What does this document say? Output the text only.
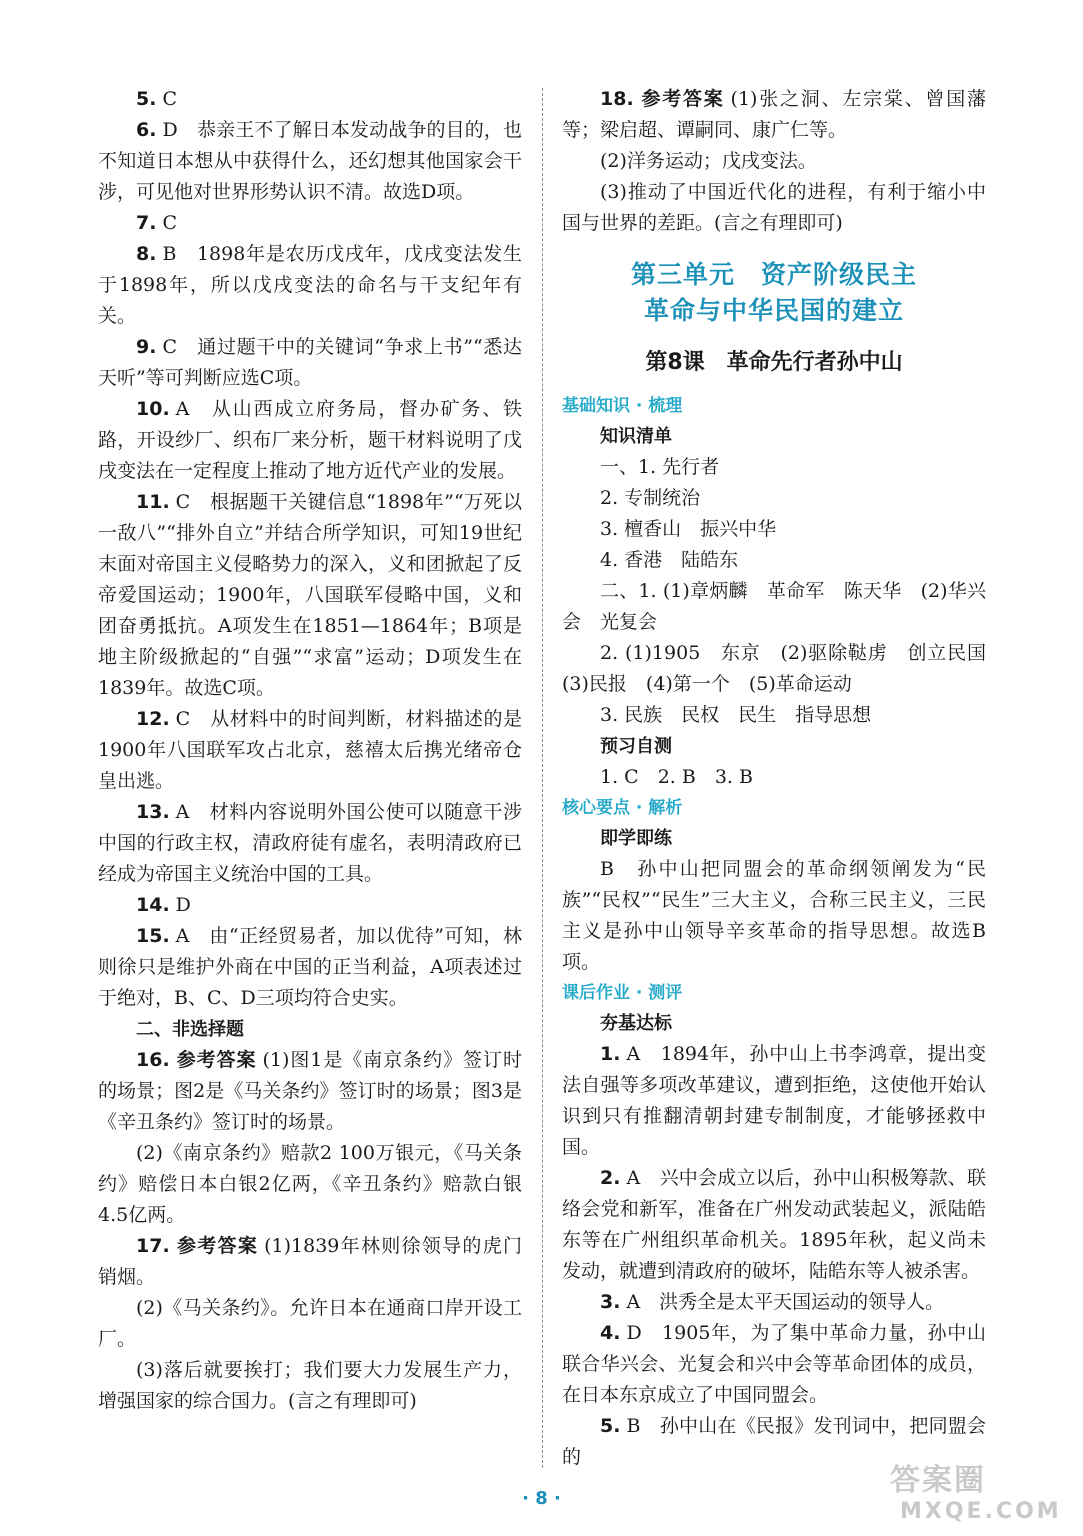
5. C
6. D　恭亲王不了解日本发动战争的目的，也不知道日本想从中获得什么，还幻想其他国家会干涉，可见他对世界形势认识不清。故选D项。
7. C
8. B　1898年是农历戊戌年，戊戌变法发生于1898年，所以戊戌变法的命名与干支纪年有关。
9. C　通过题干中的关键词“争求上书”“悉达天听”等可判断应选C项。
10. A　从山西成立府务局，督办矿务、铁路，开设纱厂、织布厂来分析，题干材料说明了戊戌变法在一定程度上推动了地方近代产业的发展。
11. C　根据题干关键信息“1898年”“万死以一敌八”“排外自立”并结合所学知识，可知19世纪末面对帝国主义侵略势力的深入，义和团掀起了反帝爱国运动；1900年，八国联军侵略中国，义和团奋勇抵抗。A项发生在1851—1864年；B项是地主阶级掀起的“自强”“求富”运动；D项发生在1839年。故选C项。
12. C　从材料中的时间判断，材料描述的是1900年八国联军攻占北京，慈禧太后携光绪帝仓皇出逃。
13. A　材料内容说明外国公使可以随意干涉中国的行政主权，清政府徒有虚名，表明清政府已经成为帝国主义统治中国的工具。
14. D
15. A　由“正经贸易者，加以优待”可知，林则徐只是维护外商在中国的正当利益，A项表述过于绝对，B、C、D三项均符合史实。
二、非选择题
16. 参考答案 (1)图1是《南京条约》签订时的场景；图2是《马关条约》签订时的场景；图3是《辛丑条约》签订时的场景。
(2)《南京条约》赔款2 100万银元，《马关条约》赔偿日本白银2亿两，《辛丑条约》赔款白银4.5亿两。
17. 参考答案 (1)1839年林则徐领导的虎门销烟。
(2)《马关条约》。允许日本在通商口岸开设工厂。
(3)落后就要挨打；我们要大力发展生产力，增强国家的综合国力。(言之有理即可)
18. 参考答案 (1)张之洞、左宗棠、曾国藩等；梁启超、谭嗣同、康广仁等。
(2)洋务运动；戊戌变法。
(3)推动了中国近代化的进程，有利于缩小中国与世界的差距。(言之有理即可)
第三单元　资产阶级民主
革命与中华民国的建立
第8课　革命先行者孙中山
基础知识 · 梳理
知识清单
一、1. 先行者
2. 专制统治
3. 檀香山　振兴中华
4. 香港　陆皓东
二、1. (1)章炳麟　革命军　陈天华　(2)华兴会　光复会
2. (1)1905　东京　(2)驱除鞑虏　创立民国　(3)民报　(4)第一个　(5)革命运动
3. 民族　民权　民生　指导思想
预习自测
1. C　2. B　3. B
核心要点 · 解析
即学即练
B　孙中山把同盟会的革命纲领阐发为“民族”“民权”“民生”三大主义，合称三民主义，三民主义是孙中山领导辛亥革命的指导思想。故选B项。
课后作业 · 测评
夯基达标
1. A　1894年，孙中山上书李鸿章，提出变法自强等多项改革建议，遭到拒绝，这使他开始认识到只有推翻清朝封建专制制度，才能够拯救中国。
2. A　兴中会成立以后，孙中山积极筹款、联络会党和新军，准备在广州发动武装起义，派陆皓东等在广州组织革命机关。1895年秋，起义尚未发动，就遭到清政府的破坏，陆皓东等人被杀害。
3. A　洪秀全是太平天国运动的领导人。
4. D　1905年，为了集中革命力量，孙中山联合华兴会、光复会和兴中会等革命团体的成员，在日本东京成立了中国同盟会。
5. B　孙中山在《民报》发刊词中，把同盟会的
· 8 ·
答案圈
MXQE.COM
